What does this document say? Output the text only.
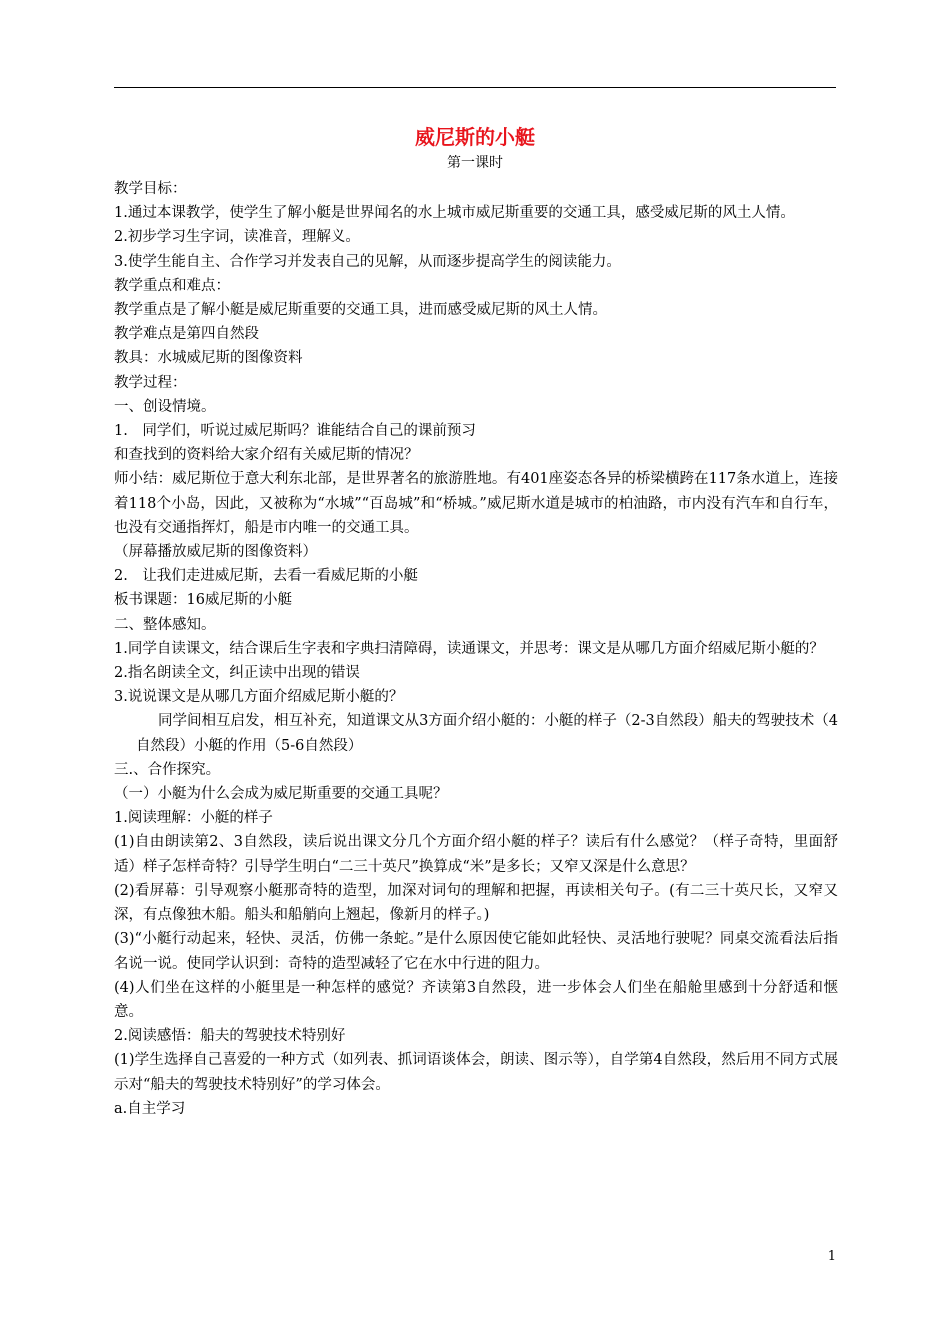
威尼斯的小艇
第一课时

教学目标：

1.通过本课教学，使学生了解小艇是世界闻名的水上城市威尼斯重要的交通工具，感受威尼斯的风土人情。

2.初步学习生字词，读准音，理解义。

3.使学生能自主、合作学习并发表自己的见解，从而逐步提高学生的阅读能力。

教学重点和难点：

教学重点是了解小艇是威尼斯重要的交通工具，进而感受威尼斯的风土人情。

教学难点是第四自然段

教具：水城威尼斯的图像资料

教学过程：

一、创设情境。

1.　同学们，听说过威尼斯吗？谁能结合自己的课前预习

和查找到的资料给大家介绍有关威尼斯的情况？

师小结：威尼斯位于意大利东北部，是世界著名的旅游胜地。有401座姿态各异的桥梁横跨在117条水道上，连接着118个小岛，因此，又被称为“水城”“百岛城”和“桥城。”威尼斯水道是城市的柏油路，市内没有汽车和自行车，也没有交通指挥灯，船是市内唯一的交通工具。

（屏幕播放威尼斯的图像资料）

2.　让我们走进威尼斯，去看一看威尼斯的小艇

板书课题：16威尼斯的小艇

二、整体感知。

1.同学自读课文，结合课后生字表和字典扫清障碍，读通课文，并思考：课文是从哪几方面介绍威尼斯小艇的？

2.指名朗读全文，纠正读中出现的错误

3.说说课文是从哪几方面介绍威尼斯小艇的？

同学间相互启发，相互补充，知道课文从3方面介绍小艇的：小艇的样子（2-3自然段）船夫的驾驶技术（4自然段）小艇的作用（5-6自然段）

三.、合作探究。

（一）小艇为什么会成为威尼斯重要的交通工具呢？

1.阅读理解：小艇的样子

(1)自由朗读第2、3自然段，读后说出课文分几个方面介绍小艇的样子？读后有什么感觉？（样子奇特，里面舒适）样子怎样奇特？引导学生明白“二三十英尺”换算成“米”是多长；又窄又深是什么意思？

(2)看屏幕：引导观察小艇那奇特的造型，加深对词句的理解和把握，再读相关句子。(有二三十英尺长，又窄又深，有点像独木船。船头和船艄向上翘起，像新月的样子。)

(3)“小艇行动起来，轻快、灵活，仿佛一条蛇。”是什么原因使它能如此轻快、灵活地行驶呢？同桌交流看法后指名说一说。使同学认识到：奇特的造型减轻了它在水中行进的阻力。

(4)人们坐在这样的小艇里是一种怎样的感觉？齐读第3自然段，进一步体会人们坐在船舱里感到十分舒适和惬意。

2.阅读感悟：船夫的驾驶技术特别好

(1)学生选择自己喜爱的一种方式（如列表、抓词语谈体会，朗读、图示等），自学第4自然段，然后用不同方式展示对“船夫的驾驶技术特别好”的学习体会。

a.自主学习

1
